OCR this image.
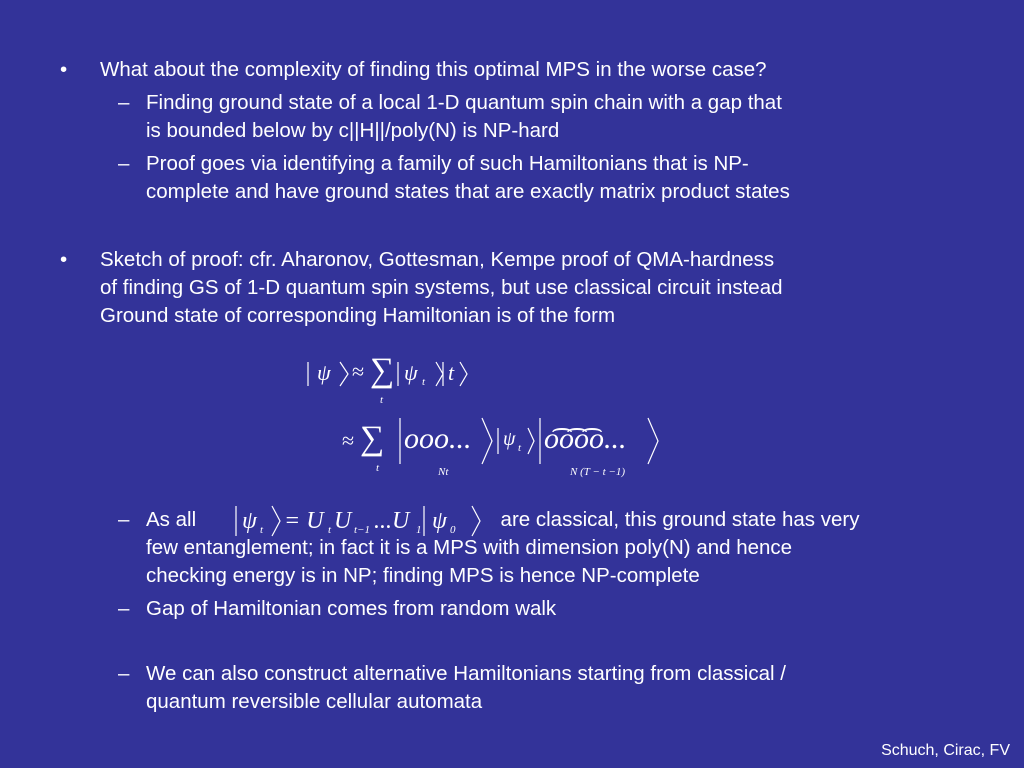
•	What about the complexity of finding this optimal MPS in the worse case?
– Finding ground state of a local 1-D quantum spin chain with a gap that
is bounded below by c||H||/poly(N) is NP-hard
– Proof goes via identifying a family of such Hamiltonians that is NP-
complete and have ground states that are exactly matrix product states
•	Sketch of proof: cfr. Aharonov, Gottesman, Kempe proof of QMA-hardness
of finding GS of 1-D quantum spin systems, but use classical circuit instead
Ground state of corresponding Hamiltonian is of the form
ψ ≈ ∑
t
ψ t t
≈ ∑
t
ooo...
Nt
ψ t o͡o͡o͡o...
N (T − t −1)
– As all	are classical, this ground state has very
few entanglement; in fact it is a MPS with dimension poly(N) and hence
checking energy is in NP; finding MPS is hence NP-complete
ψ t = U t U t−1 ...U 1 ψ 0
– Gap of Hamiltonian comes from random walk
– We can also construct alternative Hamiltonians starting from classical /
quantum reversible cellular automata
Schuch, Cirac, FV
